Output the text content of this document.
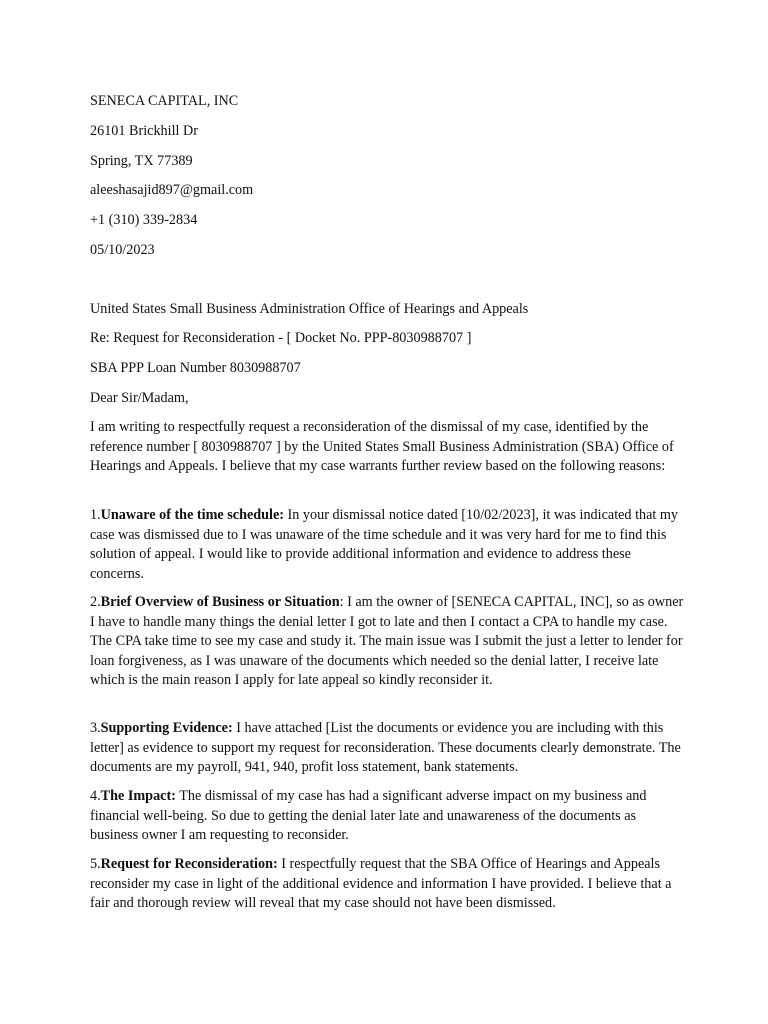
SENECA CAPITAL, INC
26101 Brickhill Dr
Spring, TX 77389
aleeshasajid897@gmail.com
+1 (310) 339-2834
05/10/2023
United States Small Business Administration Office of Hearings and Appeals
Re: Request for Reconsideration - [ Docket No. PPP-8030988707 ]
SBA PPP Loan Number 8030988707
Dear Sir/Madam,

I am writing to respectfully request a reconsideration of the dismissal of my case, identified by the reference number [ 8030988707 ] by the United States Small Business Administration (SBA) Office of Hearings and Appeals. I believe that my case warrants further review based on the following reasons:

1.Unaware of the time schedule: In your dismissal notice dated [10/02/2023], it was indicated that my case was dismissed due to I was unaware of the time schedule and it was very hard for me to find this solution of appeal. I would like to provide additional information and evidence to address these concerns.

2.Brief Overview of Business or Situation: I am the owner of [SENECA CAPITAL, INC], so as owner I have to handle many things the denial letter I got to late and then I contact a CPA to handle my case. The CPA take time to see my case and study it. The main issue was I submit the just a letter to lender for loan forgiveness, as I was unaware of the documents which needed so the denial latter, I receive late which is the main reason I apply for late appeal so kindly reconsider it.

3.Supporting Evidence: I have attached [List the documents or evidence you are including with this letter] as evidence to support my request for reconsideration. These documents clearly demonstrate. The documents are my payroll, 941, 940, profit loss statement, bank statements.

4.The Impact: The dismissal of my case has had a significant adverse impact on my business and financial well-being. So due to getting the denial later late and unawareness of the documents as business owner I am requesting to reconsider.

5.Request for Reconsideration: I respectfully request that the SBA Office of Hearings and Appeals reconsider my case in light of the additional evidence and information I have provided. I believe that a fair and thorough review will reveal that my case should not have been dismissed.
